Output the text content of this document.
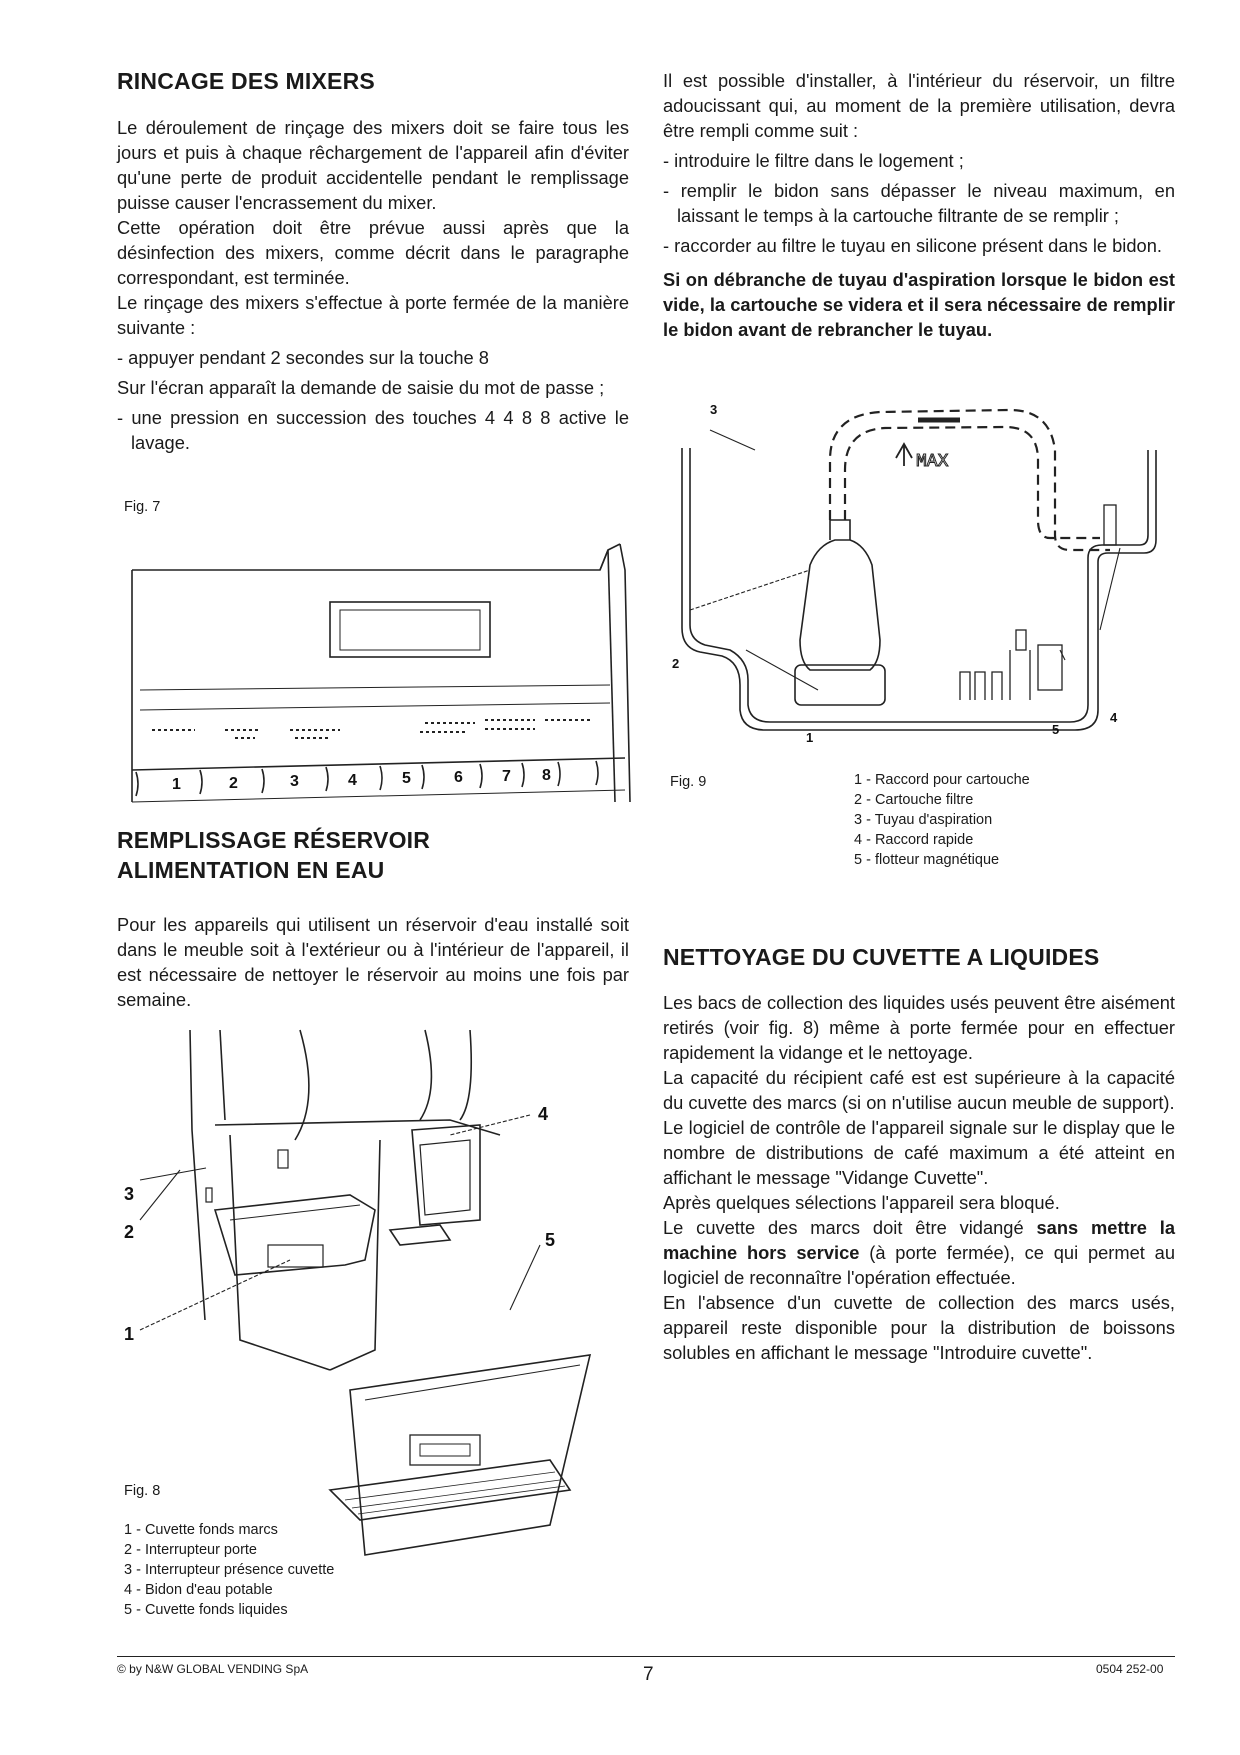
RINCAGE DES MIXERS

Le déroulement de rinçage des mixers doit se faire tous les jours et puis à chaque rêchargement de l'appareil afin d'éviter qu'une perte de produit accidentelle pendant le remplissage puisse causer l'encrassement du mixer.

Cette opération doit être prévue aussi après que la désinfection des mixers, comme décrit dans le paragraphe correspondant, est terminée.

Le rinçage des mixers s'effectue à porte fermée de la manière suivante :

- appuyer pendant 2 secondes sur la touche 8

Sur l'écran apparaît la demande de saisie du mot de passe ;

- une pression en succession des touches 4 4 8 8 active le lavage.

Fig. 7
1	2	3	4	5	6 7 8
REMPLISSAGE RÉSERVOIR
ALIMENTATION EN EAU

Pour les appareils qui utilisent un réservoir d'eau installé soit dans le meuble soit à l'extérieur ou à l'intérieur de l'appareil, il est nécessaire de nettoyer le réservoir au moins une fois par semaine.

3
2
4
5
1
Fig. 8
1 - Cuvette fonds marcs
2 - Interrupteur porte
3 - Interrupteur présence cuvette
4 - Bidon d'eau potable
5 - Cuvette fonds liquides

Il est possible d'installer, à l'intérieur du réservoir, un filtre adoucissant qui, au moment de la première utilisation, devra être rempli comme suit :

- introduire le filtre dans le logement ;

- remplir le bidon sans dépasser le niveau maximum, en laissant le temps à la cartouche filtrante de se remplir ;

- raccorder au filtre le tuyau en silicone présent dans le bidon.

Si on débranche de tuyau d'aspiration lorsque le bidon est vide, la cartouche se videra et il sera nécessaire de remplir le bidon avant de rebrancher le tuyau.

MAX
3
2
1
5
4
Fig. 9	1 - Raccord pour cartouche
2 - Cartouche filtre
3 - Tuyau d'aspiration
4 - Raccord rapide
5 - flotteur magnétique
NETTOYAGE DU CUVETTE A LIQUIDES

Les bacs de collection des liquides usés peuvent être aisément retirés (voir fig. 8) même à porte fermée pour en effectuer rapidement la vidange et le nettoyage.

La capacité du récipient café est est supérieure à la capacité du cuvette des marcs (si on n'utilise aucun meuble de support).

Le logiciel de contrôle de l'appareil signale sur le display que le nombre de distributions de café maximum a été atteint en affichant le message "Vidange Cuvette".

Après quelques sélections l'appareil sera bloqué.

Le cuvette des marcs doit être vidangé sans mettre la machine hors service (à porte fermée), ce qui permet au logiciel de reconnaître l'opération effectuée.

En l'absence d'un cuvette de collection des marcs usés, appareil reste disponible pour la distribution de boissons solubles en affichant le message "Introduire cuvette".

© by N&W GLOBAL VENDING SpA	7	0504 252-00
